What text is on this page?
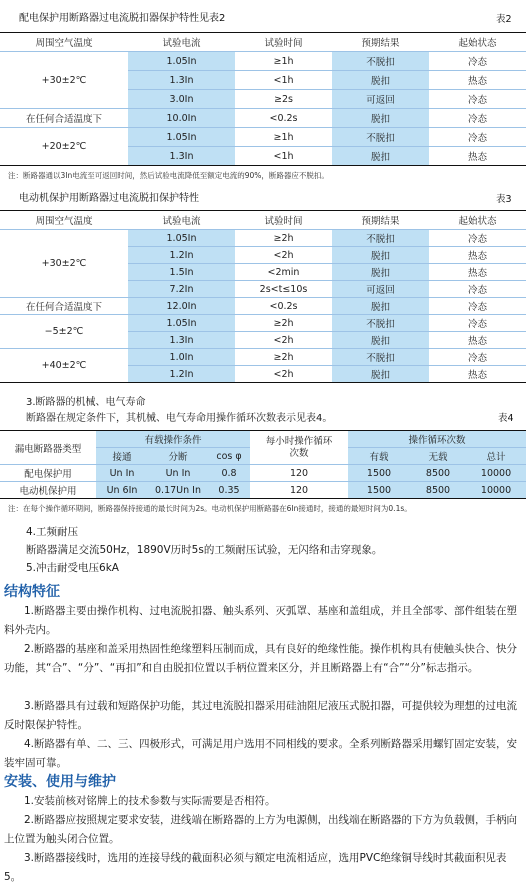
配电保护用断路器过电流脱扣器保护特性见表2	表2
周围空气温度	试验电流	试验时间	预期结果	起始状态
+30±2℃	1.05In	≥1h	不脱扣	冷态
	1.3In	<1h	脱扣	热态
	3.0In	≥2s	可返回	冷态
在任何合适温度下	10.0In	<0.2s	脱扣	冷态
+20±2℃	1.05In	≥1h	不脱扣	冷态
	1.3In	<1h	脱扣	热态
注：断路器通以3In电流至可返回时间，然后试验电流降低至额定电流的90%，断路器应不脱扣。
电动机保护用断路器过电流脱扣保护特性	表3
周围空气温度	试验电流	试验时间	预期结果	起始状态
+30±2℃	1.05In	≥2h	不脱扣	冷态
	1.2In	<2h	脱扣	热态
	1.5In	<2min	脱扣	热态
	7.2In	2s<t≤10s	可返回	冷态
在任何合适温度下	12.0In	<0.2s	脱扣	冷态
−5±2℃	1.05In	≥2h	不脱扣	冷态
	1.3In	<2h	脱扣	热态
+40±2℃	1.0In	≥2h	不脱扣	冷态
	1.2In	<2h	脱扣	热态
3.断路器的机械、电气寿命
断路器在规定条件下，其机械、电气寿命用操作循环次数表示见表4。	表4
漏电断路器类型	有载操作条件			每小时操作循环次数	操作循环次数		
	接通	分断	cos φ		有载	无载	总计
配电保护用	Un In	Un In	0.8	120	1500	8500	10000
电动机保护用	Un 6In	0.17Un In	0.35	120	1500	8500	10000
注：在每个操作循环期间，断路器保持接通的最长时间为2s。电动机保护用断路器在6In接通时，接通的最短时间为0.1s。
4.工频耐压
断路器满足交流50Hz，1890V历时5s的工频耐压试验，无闪络和击穿现象。
5.冲击耐受电压6kA
结构特征
1.断路器主要由操作机构、过电流脱扣器、触头系列、灭弧罩、基座和盖组成，并且全部零、部件组装在塑料外壳内。
2.断路器的基座和盖采用热固性绝缘塑料压制而成，具有良好的绝缘性能。操作机构具有使触头快合、快分功能，其“合”、“分”、“再扣”和自由脱扣位置以手柄位置来区分，并且断路器上有“合”“分”标志指示。
3.断路器具有过载和短路保护功能，其过电流脱扣器采用硅油阻尼液压式脱扣器，可提供较为理想的过电流反时限保护特性。
4.断路器有单、二、三、四极形式，可满足用户选用不同相线的要求。全系列断路器采用螺钉固定安装，安装牢固可靠。
安装、使用与维护
1.安装前核对铭牌上的技术参数与实际需要是否相符。
2.断路器应按照规定要求安装，进线端在断路器的上方为电源侧，出线端在断路器的下方为负载侧，手柄向上位置为触头闭合位置。
3.断路器接线时，选用的连接导线的截面积必须与额定电流相适应，选用PVC绝缘铜导线时其截面积见表5。
